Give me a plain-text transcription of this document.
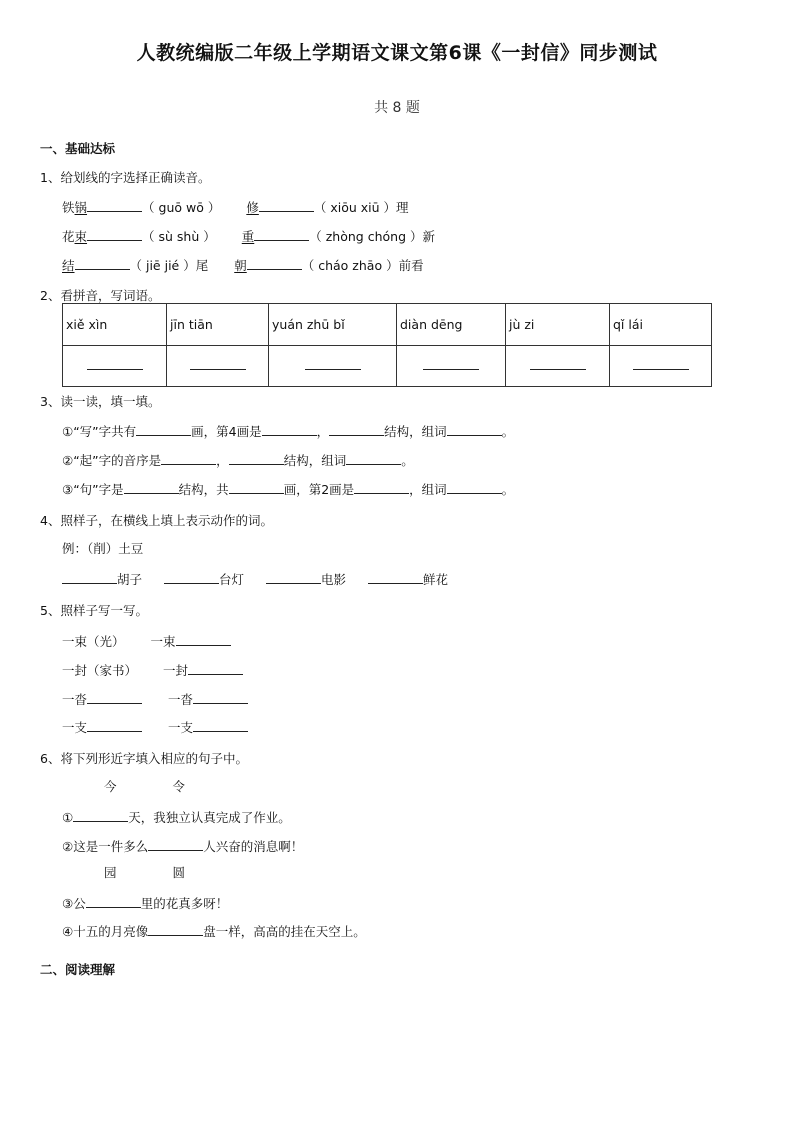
人教统编版二年级上学期语文课文第6课《一封信》同步测试
共 8 题
一、基础达标
1、给划线的字选择正确读音。
铁锅	（ guō wō ） 修	（ xiōu xiū ）理
花束	（ sù shù ） 重	（ zhòng chóng ）新
结	（ jiē jié ）尾 朝	（ cháo zhāo ）前看
2、看拼音，写词语。
xiě xìn	jīn tiān	yuán zhū bǐ	diàn dēng	jù zi	qǐ lái

3、读一读，填一填。
①“写”字共有	画，第4画是	，	结构，组词	。
②“起”字的音序是	，	结构，组词	。
③“句”字是	结构，共	画，第2画是	，组词	。
4、照样子，在横线上填上表示动作的词。
例：（削）土豆
胡子	台灯	电影	鲜花
5、照样子写一写。
一束（光） 一束
一封（家书） 一封
一沓	一沓
一支	一支
6、将下列形近字填入相应的句子中。
今	令
①	天，我独立认真完成了作业。
②这是一件多么	人兴奋的消息啊！
园	圆
③公	里的花真多呀！
④十五的月亮像	盘一样，高高的挂在天空上。
二、阅读理解
